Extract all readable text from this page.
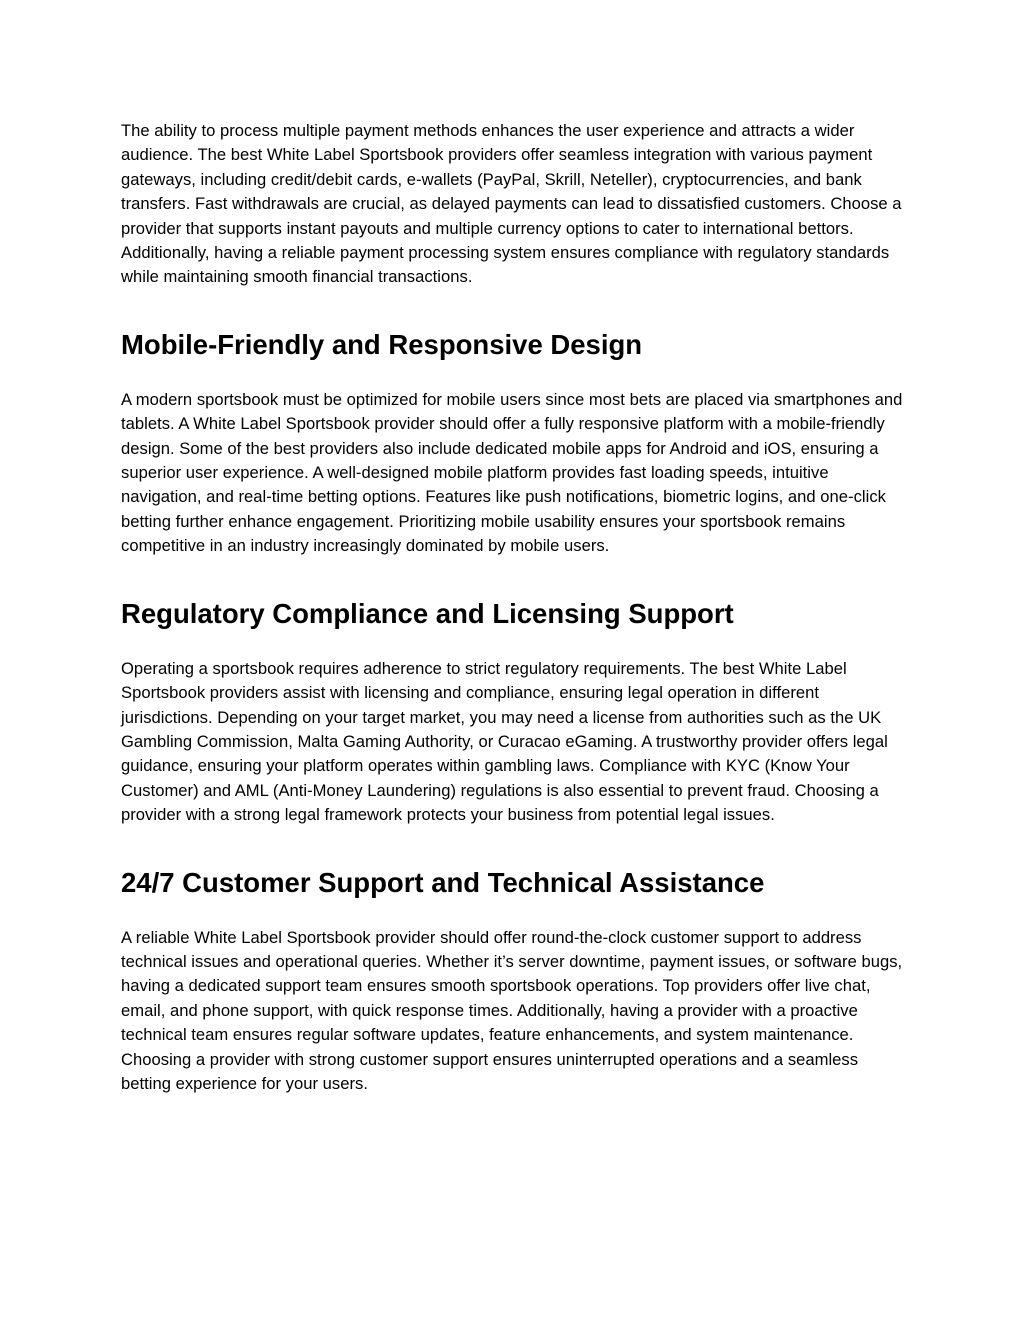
The ability to process multiple payment methods enhances the user experience and attracts a wider audience. The best White Label Sportsbook providers offer seamless integration with various payment gateways, including credit/debit cards, e-wallets (PayPal, Skrill, Neteller), cryptocurrencies, and bank transfers. Fast withdrawals are crucial, as delayed payments can lead to dissatisfied customers. Choose a provider that supports instant payouts and multiple currency options to cater to international bettors. Additionally, having a reliable payment processing system ensures compliance with regulatory standards while maintaining smooth financial transactions.

Mobile-Friendly and Responsive Design

A modern sportsbook must be optimized for mobile users since most bets are placed via smartphones and tablets. A White Label Sportsbook provider should offer a fully responsive platform with a mobile-friendly design. Some of the best providers also include dedicated mobile apps for Android and iOS, ensuring a superior user experience. A well-designed mobile platform provides fast loading speeds, intuitive navigation, and real-time betting options. Features like push notifications, biometric logins, and one-click betting further enhance engagement. Prioritizing mobile usability ensures your sportsbook remains competitive in an industry increasingly dominated by mobile users.

Regulatory Compliance and Licensing Support

Operating a sportsbook requires adherence to strict regulatory requirements. The best White Label Sportsbook providers assist with licensing and compliance, ensuring legal operation in different jurisdictions. Depending on your target market, you may need a license from authorities such as the UK Gambling Commission, Malta Gaming Authority, or Curacao eGaming. A trustworthy provider offers legal guidance, ensuring your platform operates within gambling laws. Compliance with KYC (Know Your Customer) and AML (Anti-Money Laundering) regulations is also essential to prevent fraud. Choosing a provider with a strong legal framework protects your business from potential legal issues.

24/7 Customer Support and Technical Assistance

A reliable White Label Sportsbook provider should offer round-the-clock customer support to address technical issues and operational queries. Whether it’s server downtime, payment issues, or software bugs, having a dedicated support team ensures smooth sportsbook operations. Top providers offer live chat, email, and phone support, with quick response times. Additionally, having a provider with a proactive technical team ensures regular software updates, feature enhancements, and system maintenance. Choosing a provider with strong customer support ensures uninterrupted operations and a seamless betting experience for your users.
